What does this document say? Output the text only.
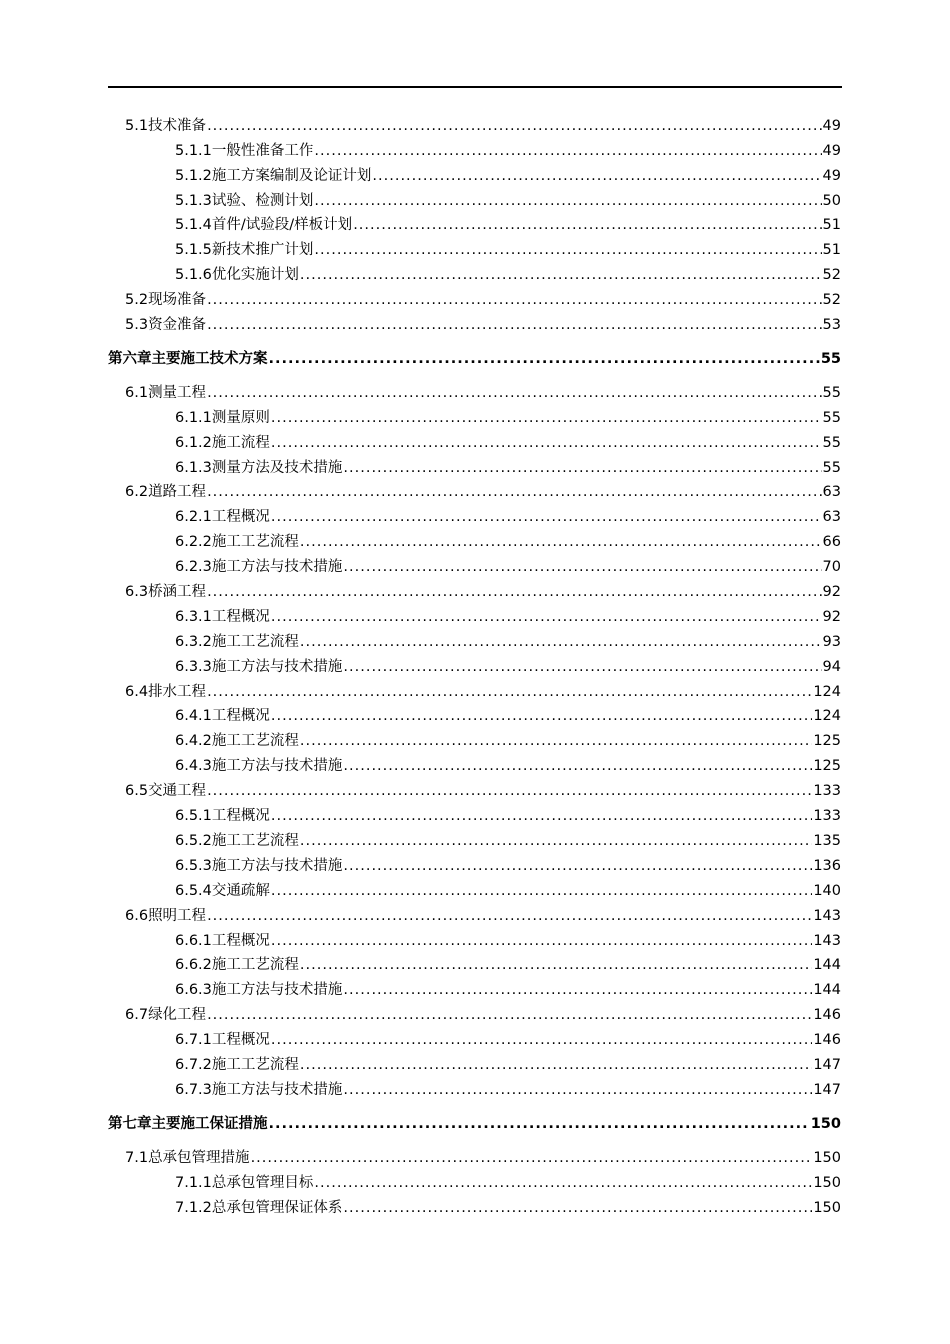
5.1 技术准备 .....	49
5.1.1 一般性准备工作 .....	49
5.1.2 施工方案编制及论证计划 .....	49
5.1.3 试验、检测计划 .....	50
5.1.4 首件/试验段/样板计划 .....	51
5.1.5 新技术推广计划 .....	51
5.1.6 优化实施计划 .....	52
5.2 现场准备 .....	52
5.3 资金准备 .....	53
第六章 主要施工技术方案 .....	55
6.1 测量工程 .....	55
6.1.1 测量原则 .....	55
6.1.2 施工流程 .....	55
6.1.3 测量方法及技术措施 .....	55
6.2 道路工程 .....	63
6.2.1 工程概况 .....	63
6.2.2 施工工艺流程 .....	66
6.2.3 施工方法与技术措施 .....	70
6.3 桥涵工程 .....	92
6.3.1 工程概况 .....	92
6.3.2 施工工艺流程 .....	93
6.3.3 施工方法与技术措施 .....	94
6.4 排水工程 .....	124
6.4.1 工程概况 .....	124
6.4.2 施工工艺流程 .....	125
6.4.3 施工方法与技术措施 .....	125
6.5 交通工程 .....	133
6.5.1 工程概况 .....	133
6.5.2 施工工艺流程 .....	135
6.5.3 施工方法与技术措施 .....	136
6.5.4 交通疏解 .....	140
6.6 照明工程 .....	143
6.6.1 工程概况 .....	143
6.6.2 施工工艺流程 .....	144
6.6.3 施工方法与技术措施 .....	144
6.7 绿化工程 .....	146
6.7.1 工程概况 .....	146
6.7.2 施工工艺流程 .....	147
6.7.3 施工方法与技术措施 .....	147
第七章 主要施工保证措施 .....	150
7.1 总承包管理措施 .....	150
7.1.1 总承包管理目标 .....	150
7.1.2 总承包管理保证体系 .....	150
